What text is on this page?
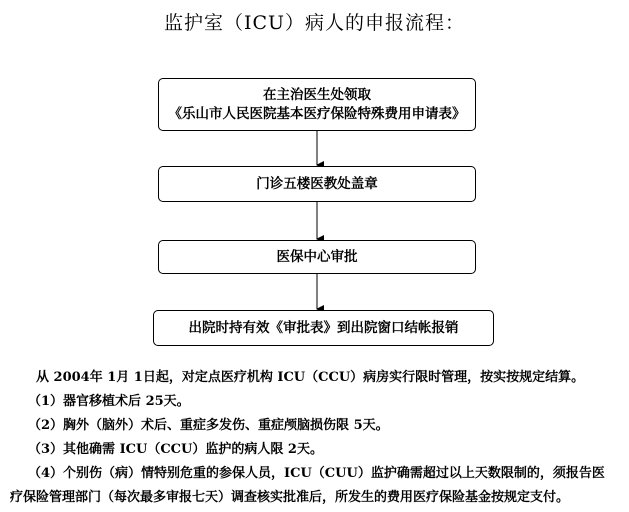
监护室（ICU）病人的申报流程：
在主治医生处领取
《乐山市人民医院基本医疗保险特殊费用申请表》
门诊五楼医教处盖章
医保中心审批
出院时持有效《审批表》到出院窗口结帐报销

从 2004年 1月 1日起，对定点医疗机构 ICU（CCU）病房实行限时管理，按实按规定结算。

（1）器官移植术后 25天。

（2）胸外（脑外）术后、重症多发伤、重症颅脑损伤限 5天。

（3）其他确需 ICU（CCU）监护的病人限 2天。

（4）个别伤（病）情特别危重的参保人员，ICU（CUU）监护确需超过以上天数限制的，须报告医

疗保险管理部门（每次最多审报七天）调查核实批准后，所发生的费用医疗保险基金按规定支付。
